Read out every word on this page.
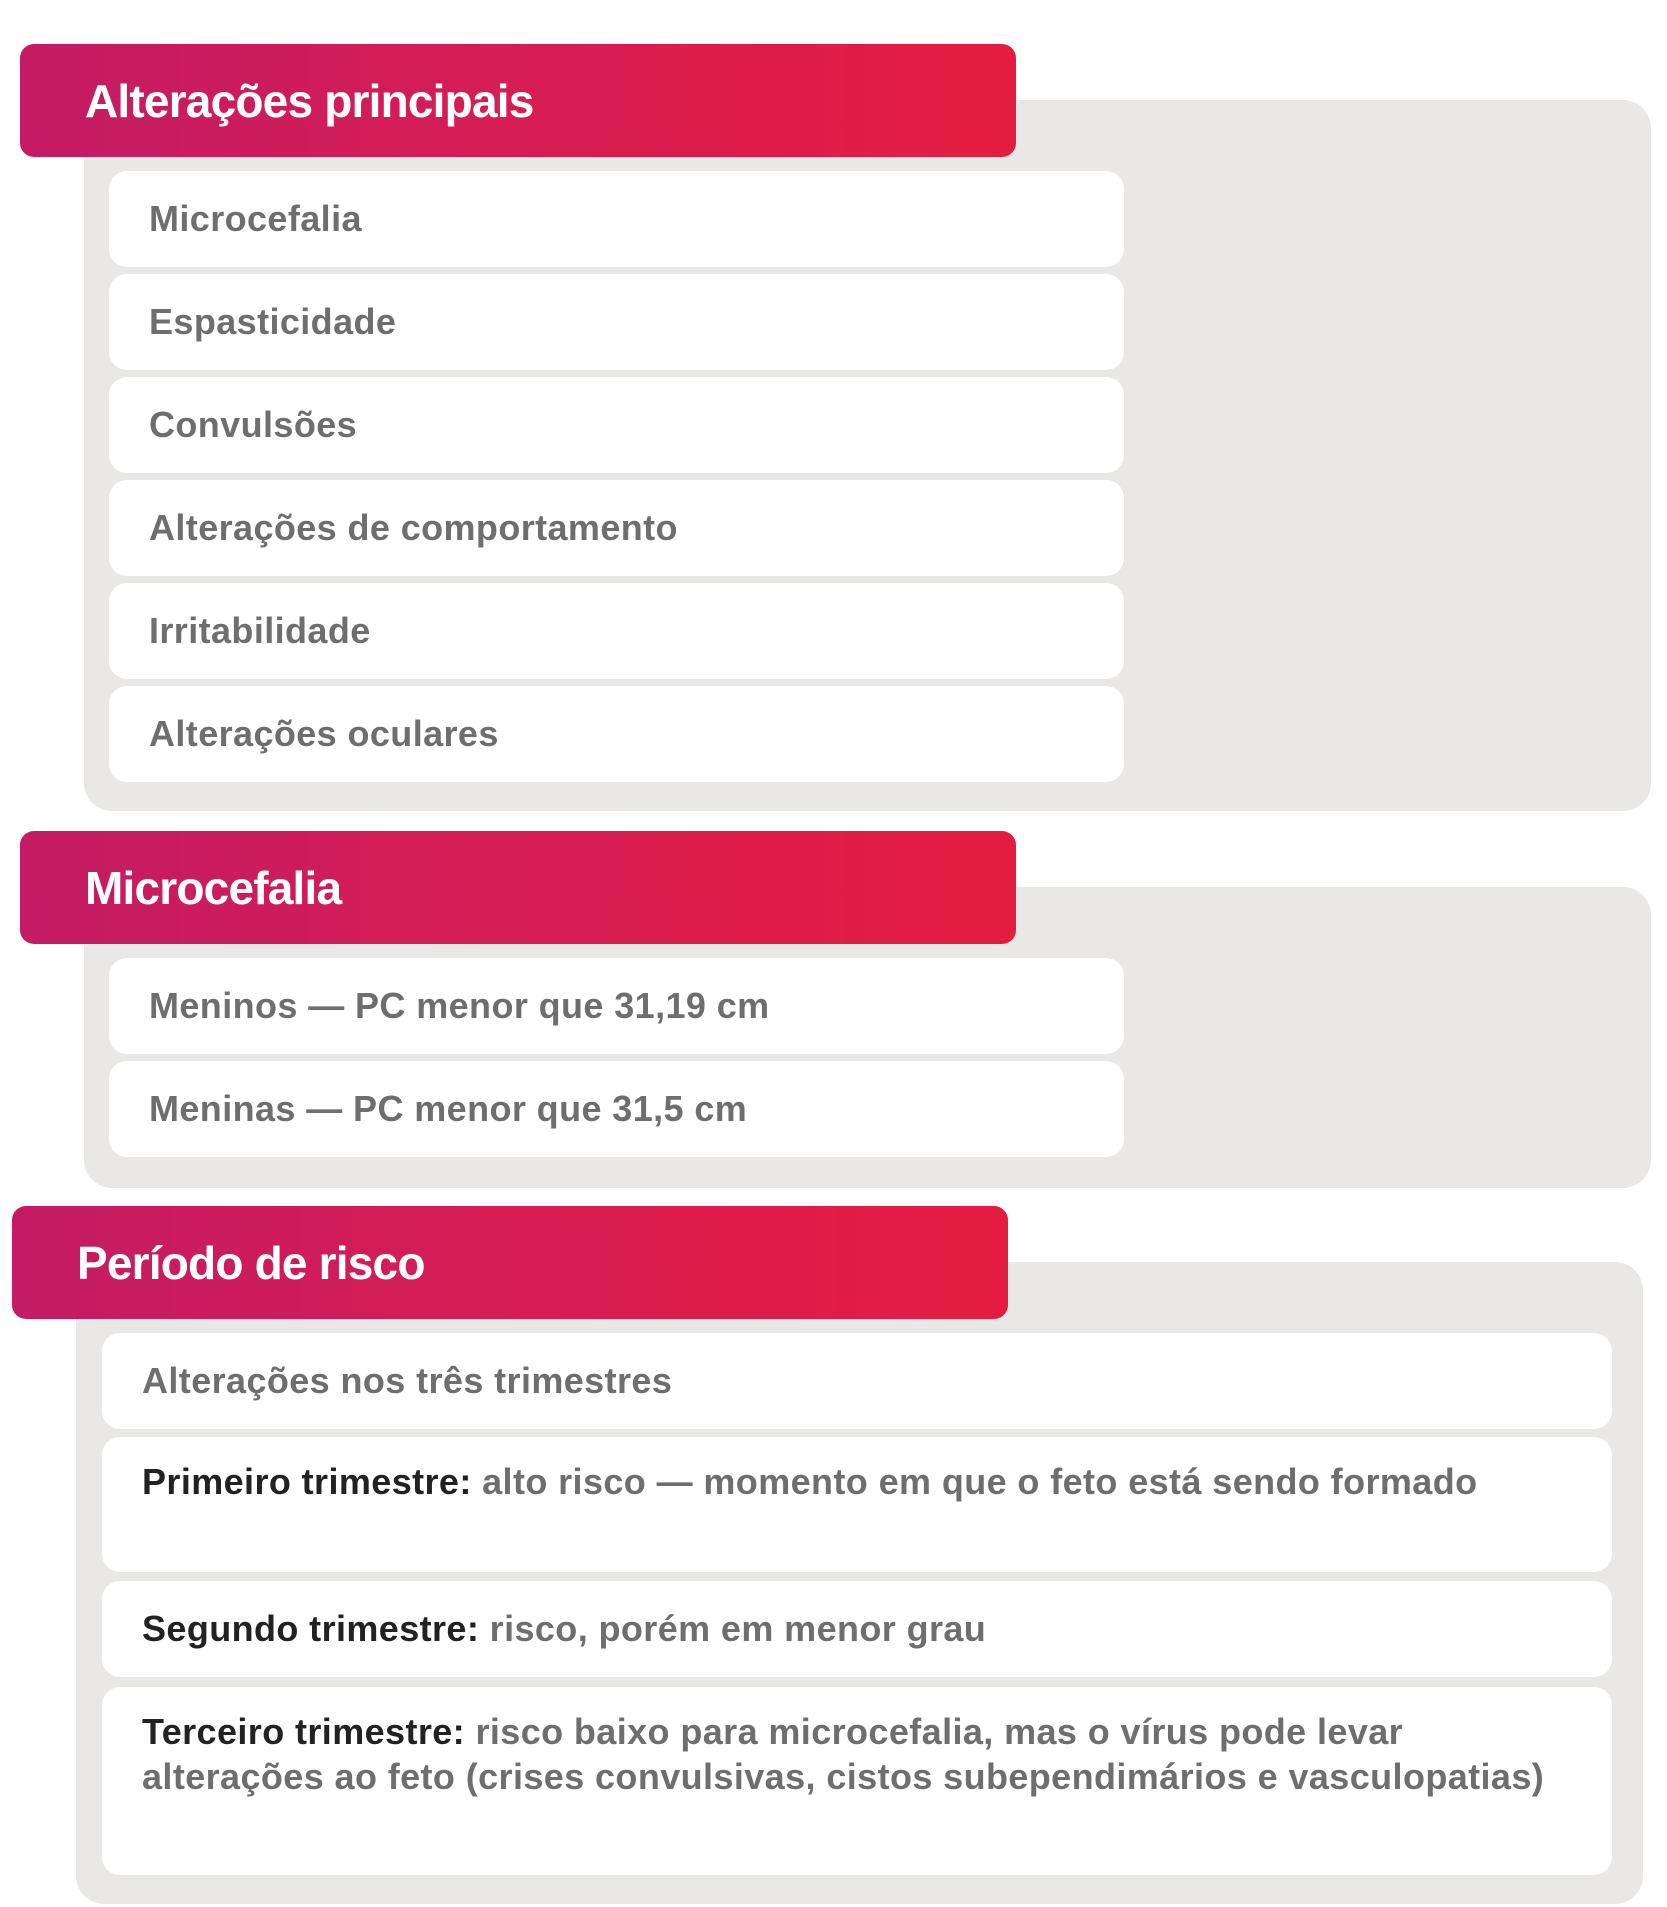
Alterações principais
Microcefalia
Espasticidade
Convulsões
Alterações de comportamento
Irritabilidade
Alterações oculares
Microcefalia
Meninos — PC menor que 31,19 cm
Meninas — PC menor que 31,5 cm
Período de risco
Alterações nos três trimestres
Primeiro trimestre: alto risco — momento em que o feto está sendo formado
Segundo trimestre: risco, porém em menor grau
Terceiro trimestre: risco baixo para microcefalia, mas o vírus pode levar alterações ao feto (crises convulsivas, cistos subependimários e vasculopatias)
